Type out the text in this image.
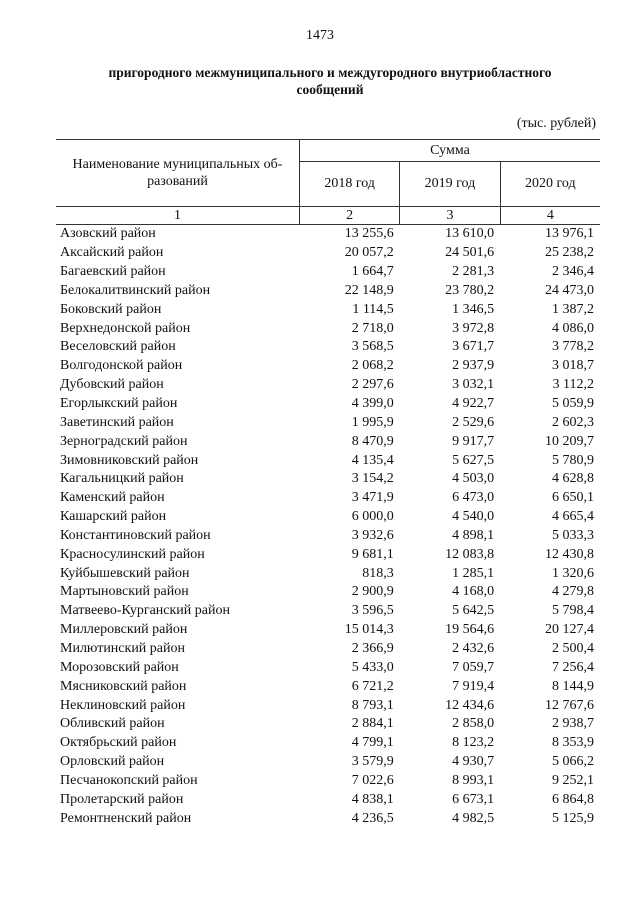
1473
пригородного межмуниципального и междугородного внутриобластного
сообщений
(тыс. рублей)
Наименование муниципальных об-
разований	Сумма		
	2018 год	2019 год	2020 год
1	2	3	4
Азовский район	13 255,6	13 610,0	13 976,1
Аксайский район	20 057,2	24 501,6	25 238,2
Багаевский район	1 664,7	2 281,3	2 346,4
Белокалитвинский район	22 148,9	23 780,2	24 473,0
Боковский район	1 114,5	1 346,5	1 387,2
Верхнедонской район	2 718,0	3 972,8	4 086,0
Веселовский район	3 568,5	3 671,7	3 778,2
Волгодонской район	2 068,2	2 937,9	3 018,7
Дубовский район	2 297,6	3 032,1	3 112,2
Егорлыкский район	4 399,0	4 922,7	5 059,9
Заветинский район	1 995,9	2 529,6	2 602,3
Зерноградский район	8 470,9	9 917,7	10 209,7
Зимовниковский район	4 135,4	5 627,5	5 780,9
Кагальницкий район	3 154,2	4 503,0	4 628,8
Каменский район	3 471,9	6 473,0	6 650,1
Кашарский район	6 000,0	4 540,0	4 665,4
Константиновский район	3 932,6	4 898,1	5 033,3
Красносулинский район	9 681,1	12 083,8	12 430,8
Куйбышевский район	818,3	1 285,1	1 320,6
Мартыновский район	2 900,9	4 168,0	4 279,8
Матвеево-Курганский район	3 596,5	5 642,5	5 798,4
Миллеровский район	15 014,3	19 564,6	20 127,4
Милютинский район	2 366,9	2 432,6	2 500,4
Морозовский район	5 433,0	7 059,7	7 256,4
Мясниковский район	6 721,2	7 919,4	8 144,9
Неклиновский район	8 793,1	12 434,6	12 767,6
Обливский район	2 884,1	2 858,0	2 938,7
Октябрьский район	4 799,1	8 123,2	8 353,9
Орловский район	3 579,9	4 930,7	5 066,2
Песчанокопский район	7 022,6	8 993,1	9 252,1
Пролетарский район	4 838,1	6 673,1	6 864,8
Ремонтненский район	4 236,5	4 982,5	5 125,9
